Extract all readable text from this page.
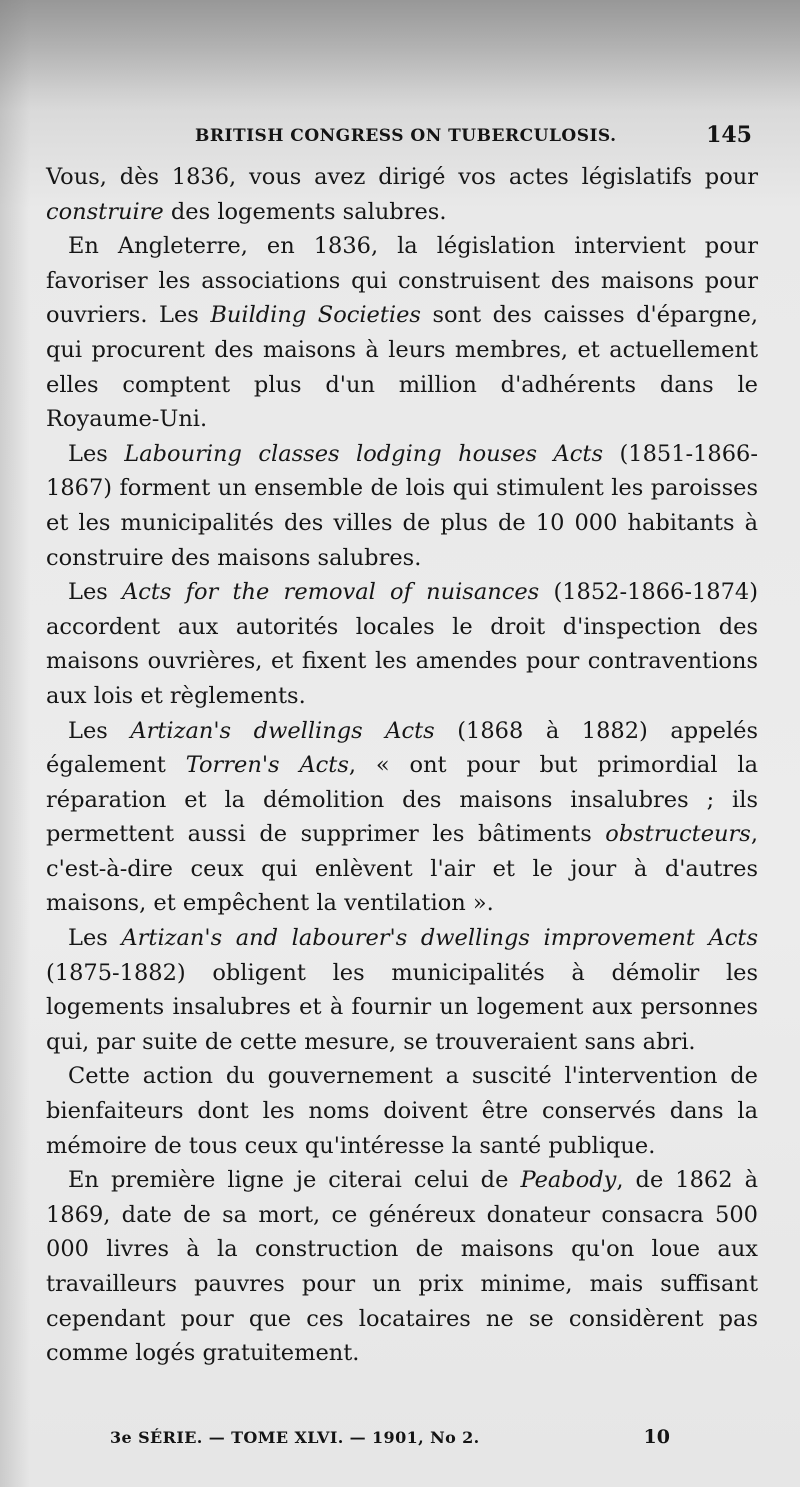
BRITISH CONGRESS ON TUBERCULOSIS.	145

Vous, dès 1836, vous avez dirigé vos actes législatifs pour construire des logements salubres.

En Angleterre, en 1836, la législation intervient pour favoriser les associations qui construisent des maisons pour ouvriers. Les Building Societies sont des caisses d'épargne, qui procurent des maisons à leurs membres, et actuellement elles comptent plus d'un million d'adhérents dans le Royaume-Uni.

Les Labouring classes lodging houses Acts (1851-1866-1867) forment un ensemble de lois qui stimulent les paroisses et les municipalités des villes de plus de 10 000 habitants à construire des maisons salubres.

Les Acts for the removal of nuisances (1852-1866-1874) accordent aux autorités locales le droit d'inspection des maisons ouvrières, et fixent les amendes pour contraventions aux lois et règlements.

Les Artizan's dwellings Acts (1868 à 1882) appelés également Torren's Acts, « ont pour but primordial la réparation et la démolition des maisons insalubres ; ils permettent aussi de supprimer les bâtiments obstructeurs, c'est-à-dire ceux qui enlèvent l'air et le jour à d'autres maisons, et empêchent la ventilation ».

Les Artizan's and labourer's dwellings improvement Acts (1875-1882) obligent les municipalités à démolir les logements insalubres et à fournir un logement aux personnes qui, par suite de cette mesure, se trouveraient sans abri.

Cette action du gouvernement a suscité l'intervention de bienfaiteurs dont les noms doivent être conservés dans la mémoire de tous ceux qu'intéresse la santé publique.

En première ligne je citerai celui de Peabody, de 1862 à 1869, date de sa mort, ce généreux donateur consacra 500 000 livres à la construction de maisons qu'on loue aux travailleurs pauvres pour un prix minime, mais suffisant cependant pour que ces locataires ne se considèrent pas comme logés gratuitement.

3e SÉRIE. — TOME XLVI. — 1901, No 2.	10
